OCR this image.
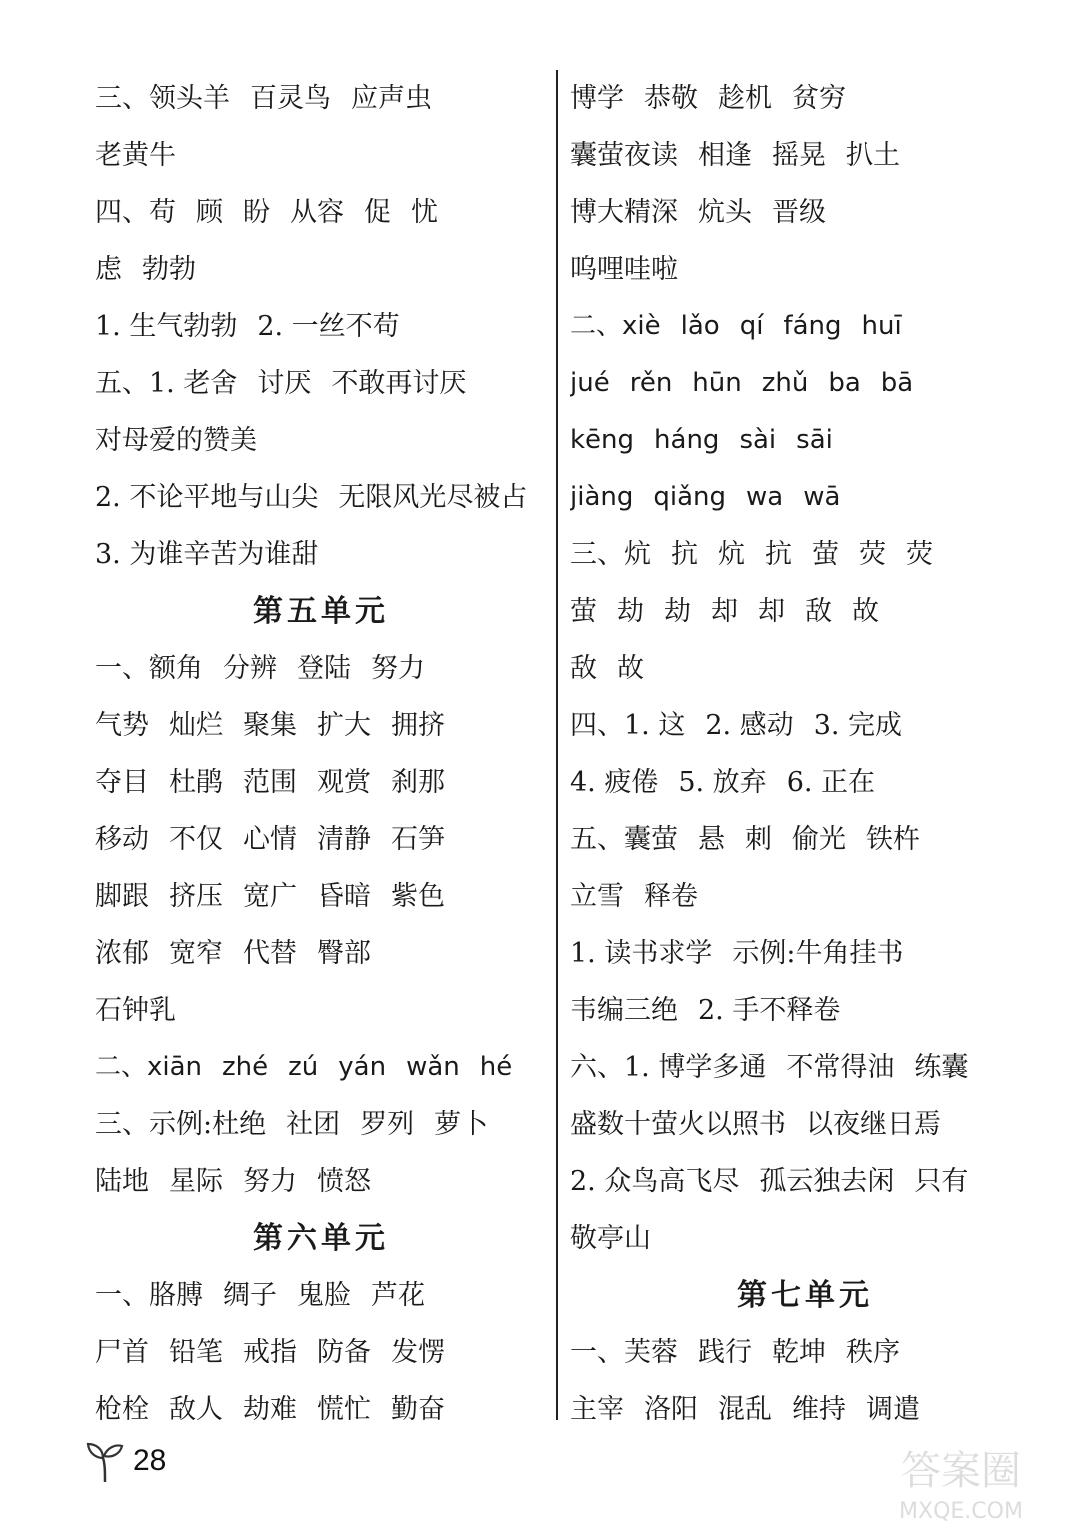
三、领头羊 百灵鸟 应声虫
老黄牛
四、苟 顾 盼 从容 促 忧
虑 勃勃
1. 生气勃勃 2. 一丝不苟
五、1. 老舍 讨厌 不敢再讨厌
对母爱的赞美
2. 不论平地与山尖 无限风光尽被占
3. 为谁辛苦为谁甜
第五单元
一、额角 分辨 登陆 努力
气势 灿烂 聚集 扩大 拥挤
夺目 杜鹃 范围 观赏 刹那
移动 不仅 心情 清静 石笋
脚跟 挤压 宽广 昏暗 紫色
浓郁 宽窄 代替 臀部
石钟乳
二、xiān zhé zú yán wǎn hé
三、示例:杜绝 社团 罗列 萝卜
陆地 星际 努力 愤怒
第六单元
一、胳膊 绸子 鬼脸 芦花
尸首 铅笔 戒指 防备 发愣
枪栓 敌人 劫难 慌忙 勤奋
博学 恭敬 趁机 贫穷
囊萤夜读 相逢 摇晃 扒土
博大精深 炕头 晋级
呜哩哇啦
二、xiè lǎo qí fáng huī
jué rěn hūn zhǔ ba bā
kēng háng sài sāi
jiàng qiǎng wa wā
三、炕 抗 炕 抗 萤 荧 荧
萤 劫 劫 却 却 敌 故
敌 故
四、1. 这 2. 感动 3. 完成
4. 疲倦 5. 放弃 6. 正在
五、囊萤 悬 刺 偷光 铁杵
立雪 释卷
1. 读书求学 示例:牛角挂书
韦编三绝 2. 手不释卷
六、1. 博学多通 不常得油 练囊
盛数十萤火以照书 以夜继日焉
2. 众鸟高飞尽 孤云独去闲 只有
敬亭山
第七单元
一、芙蓉 践行 乾坤 秩序
主宰 洛阳 混乱 维持 调遣
28	答案圈
MXQE.COM
